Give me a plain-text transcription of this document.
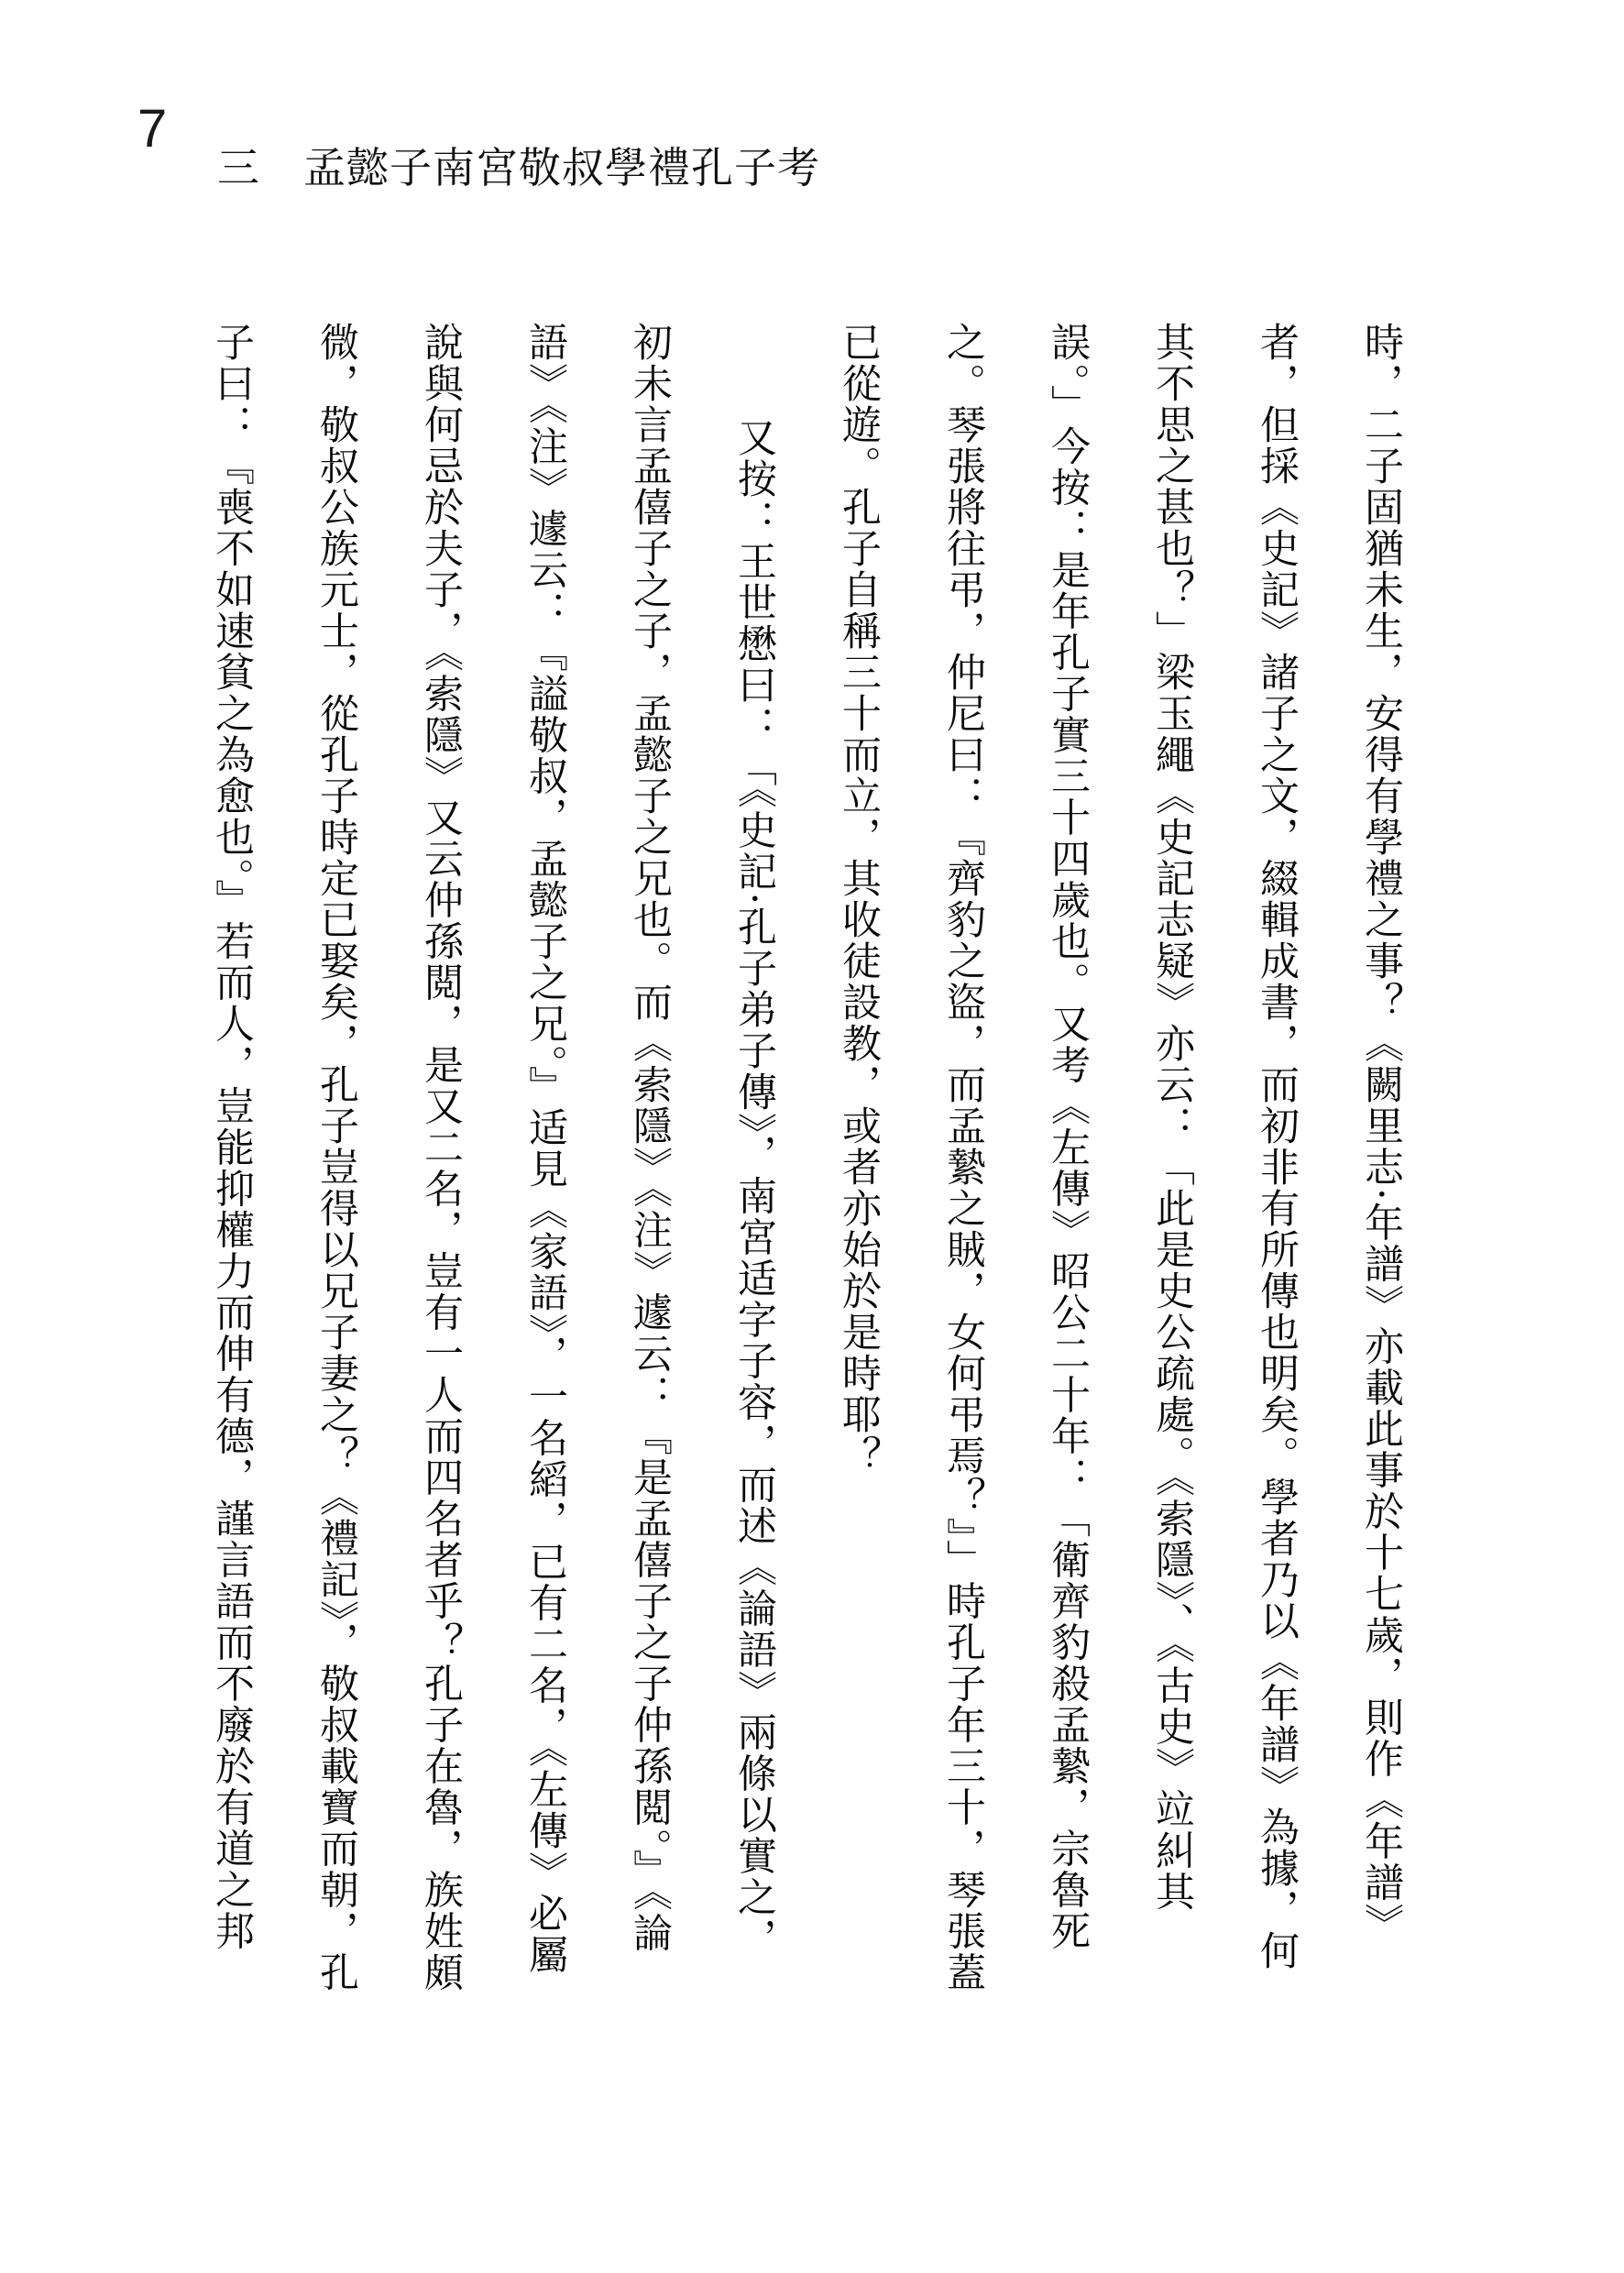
7
三　孟懿子南宮敬叔學禮孔子考
時，二子固猶未生，安得有學禮之事？《闕里志·年譜》亦載此事於十七歲，則作《年譜》
者，但採《史記》諸子之文，綴輯成書，而初非有所傳也明矣。學者乃以《年譜》為據，何
其不思之甚也？」梁玉繩《史記志疑》亦云：「此是史公疏處。《索隱》、《古史》竝糾其
誤。」今按：是年孔子實三十四歲也。又考《左傳》昭公二十年：「衛齊豹殺孟縶，宗魯死
之。琴張將往弔，仲尼曰：『齊豹之盜，而孟縶之賊，女何弔焉？』」時孔子年三十，琴張蓋
已從遊。孔子自稱三十而立，其收徒設教，或者亦始於是時耶？
又按：王世懋曰：「《史記·孔子弟子傳》，南宮适字子容，而述《論語》兩條以實之，
初未言孟僖子之子，孟懿子之兄也。而《索隱》《注》遽云：『是孟僖子之子仲孫閲。』《論
語》《注》遽云：『謚敬叔，孟懿子之兄。』适見《家語》，一名縚，已有二名，《左傳》必屬
說與何忌於夫子，《索隱》又云仲孫閲，是又二名，豈有一人而四名者乎？孔子在魯，族姓頗
微，敬叔公族元士，從孔子時定已娶矣，孔子豈得以兄子妻之？《禮記》，敬叔載寶而朝，孔
子曰：『喪不如速貧之為愈也。』若而人，豈能抑權力而伸有德，謹言語而不廢於有道之邦
